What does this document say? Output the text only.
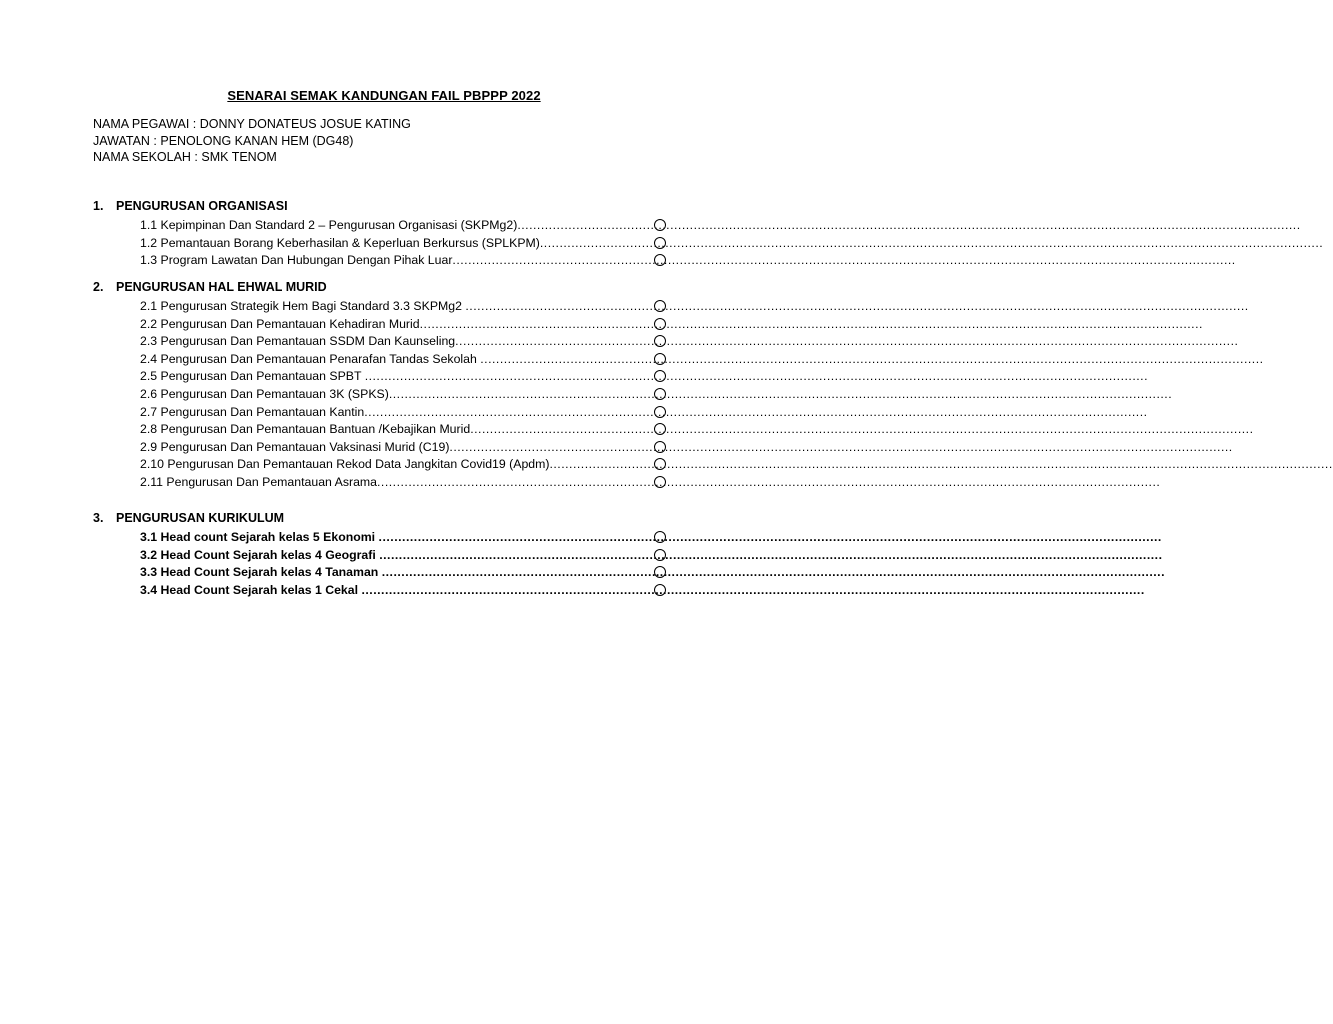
SENARAI SEMAK KANDUNGAN FAIL PBPPP 2022
NAMA PEGAWAI : DONNY DONATEUS JOSUE KATING
JAWATAN : PENOLONG KANAN HEM (DG48)
NAMA SEKOLAH : SMK TENOM
1. PENGURUSAN ORGANISASI
1.1 Kepimpinan Dan Standard 2 – Pengurusan Organisasi (SKPMg2)........................................................................................................................................................................................................
1.2 Pemantauan Borang Keberhasilan & Keperluan Berkursus (SPLKPM)........................................................................................................................................................................................................
1.3 Program Lawatan Dan Hubungan Dengan Pihak Luar........................................................................................................................................................................................................
2. PENGURUSAN HAL EHWAL MURID
2.1 Pengurusan Strategik Hem Bagi Standard 3.3 SKPMg2 ........................................................................................................................................................................................................
2.2 Pengurusan Dan Pemantauan Kehadiran Murid........................................................................................................................................................................................................
2.3 Pengurusan Dan Pemantauan SSDM Dan Kaunseling........................................................................................................................................................................................................
2.4 Pengurusan Dan Pemantauan Penarafan Tandas Sekolah ........................................................................................................................................................................................................
2.5 Pengurusan Dan Pemantauan SPBT ........................................................................................................................................................................................................
2.6 Pengurusan Dan Pemantauan 3K (SPKS)........................................................................................................................................................................................................
2.7 Pengurusan Dan Pemantauan Kantin........................................................................................................................................................................................................
2.8 Pengurusan Dan Pemantauan Bantuan /Kebajikan Murid........................................................................................................................................................................................................
2.9 Pengurusan Dan Pemantauan Vaksinasi Murid (C19)........................................................................................................................................................................................................
2.10 Pengurusan Dan Pemantauan Rekod Data Jangkitan Covid19 (Apdm)........................................................................................................................................................................................................
2.11 Pengurusan Dan Pemantauan Asrama........................................................................................................................................................................................................
3. PENGURUSAN KURIKULUM
3.1 Head count Sejarah kelas 5 Ekonomi ........................................................................................................................................................................................................
3.2 Head Count Sejarah kelas 4 Geografi ........................................................................................................................................................................................................
3.3 Head Count Sejarah kelas 4 Tanaman ........................................................................................................................................................................................................
3.4 Head Count Sejarah kelas 1 Cekal ........................................................................................................................................................................................................
